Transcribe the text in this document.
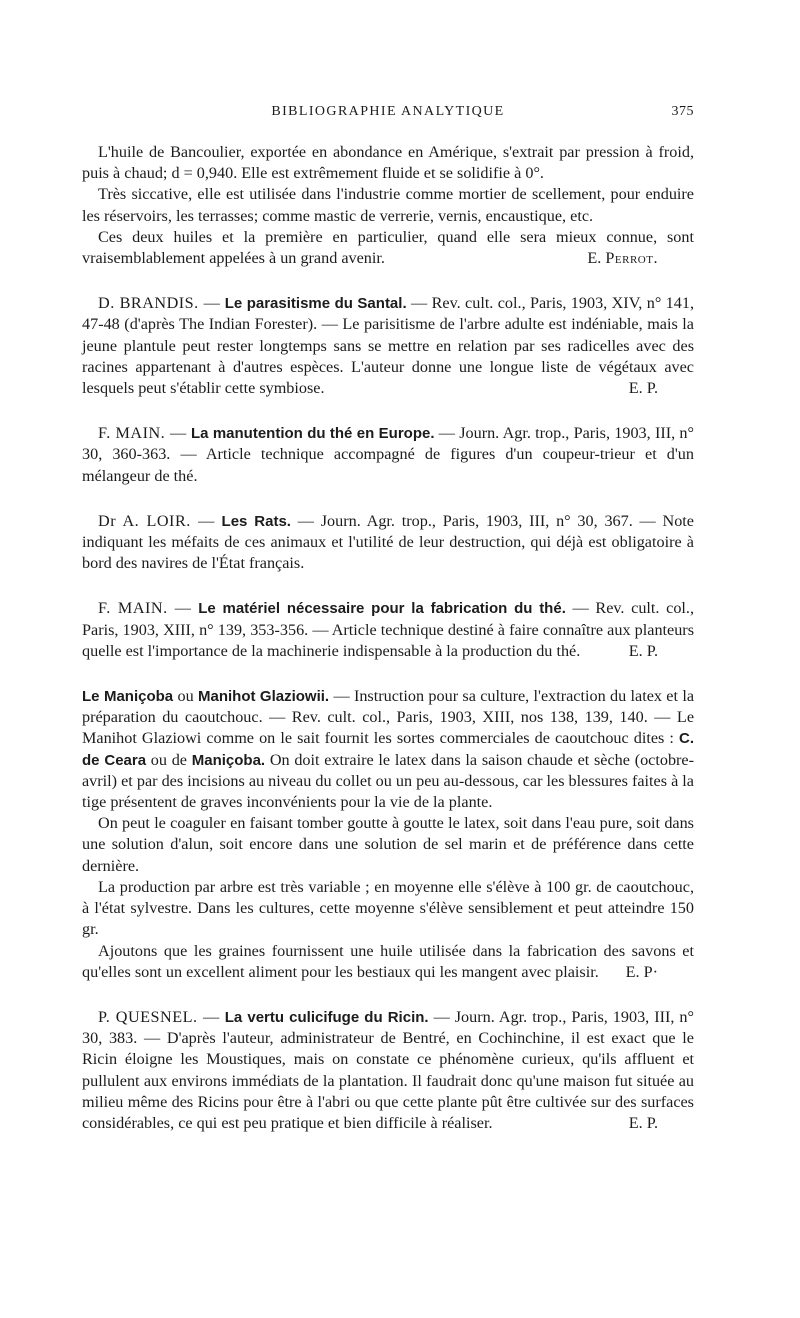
BIBLIOGRAPHIE ANALYTIQUE	375

L'huile de Bancoulier, exportée en abondance en Amérique, s'extrait par pression à froid, puis à chaud; d = 0,940. Elle est extrêmement fluide et se solidifie à 0°.

Très siccative, elle est utilisée dans l'industrie comme mortier de scellement, pour enduire les réservoirs, les terrasses; comme mastic de verrerie, vernis, encaustique, etc.

Ces deux huiles et la première en particulier, quand elle sera mieux connue, sont vraisemblablement appelées à un grand avenir.	E. Perrot.

D. BRANDIS. — Le parasitisme du Santal. — Rev. cult. col., Paris, 1903, XIV, n° 141, 47-48 (d'après The Indian Forester). — Le parisitisme de l'arbre adulte est indéniable, mais la jeune plantule peut rester longtemps sans se mettre en relation par ses radicelles avec des racines appartenant à d'autres espèces. L'auteur donne une longue liste de végétaux avec lesquels peut s'établir cette symbiose.	E. P.

F. MAIN. — La manutention du thé en Europe. — Journ. Agr. trop., Paris, 1903, III, n° 30, 360-363. — Article technique accompagné de figures d'un coupeur-trieur et d'un mélangeur de thé.

Dr A. LOIR. — Les Rats. — Journ. Agr. trop., Paris, 1903, III, n° 30, 367. — Note indiquant les méfaits de ces animaux et l'utilité de leur destruction, qui déjà est obligatoire à bord des navires de l'État français.

F. MAIN. — Le matériel nécessaire pour la fabrication du thé. — Rev. cult. col., Paris, 1903, XIII, n° 139, 353-356. — Article technique destiné à faire connaître aux planteurs quelle est l'importance de la machinerie indispensable à la production du thé.	E. P.

Le Maniçoba ou Manihot Glaziowii. — Instruction pour sa culture, l'extraction du latex et la préparation du caoutchouc. — Rev. cult. col., Paris, 1903, XIII, nos 138, 139, 140. — Le Manihot Glaziowi comme on le sait fournit les sortes commerciales de caoutchouc dites : C. de Ceara ou de Maniçoba. On doit extraire le latex dans la saison chaude et sèche (octobre-avril) et par des incisions au niveau du collet ou un peu au-dessous, car les blessures faites à la tige présentent de graves inconvénients pour la vie de la plante.

On peut le coaguler en faisant tomber goutte à goutte le latex, soit dans l'eau pure, soit dans une solution d'alun, soit encore dans une solution de sel marin et de préférence dans cette dernière.

La production par arbre est très variable ; en moyenne elle s'élève à 100 gr. de caoutchouc, à l'état sylvestre. Dans les cultures, cette moyenne s'élève sensiblement et peut atteindre 150 gr.

Ajoutons que les graines fournissent une huile utilisée dans la fabrication des savons et qu'elles sont un excellent aliment pour les bestiaux qui les mangent avec plaisir.	E. P·

P. QUESNEL. — La vertu culicifuge du Ricin. — Journ. Agr. trop., Paris, 1903, III, n° 30, 383. — D'après l'auteur, administrateur de Bentré, en Cochinchine, il est exact que le Ricin éloigne les Moustiques, mais on constate ce phénomène curieux, qu'ils affluent et pullulent aux environs immédiats de la plantation. Il faudrait donc qu'une maison fut située au milieu même des Ricins pour être à l'abri ou que cette plante pût être cultivée sur des surfaces considérables, ce qui est peu pratique et bien difficile à réaliser.	E. P.
